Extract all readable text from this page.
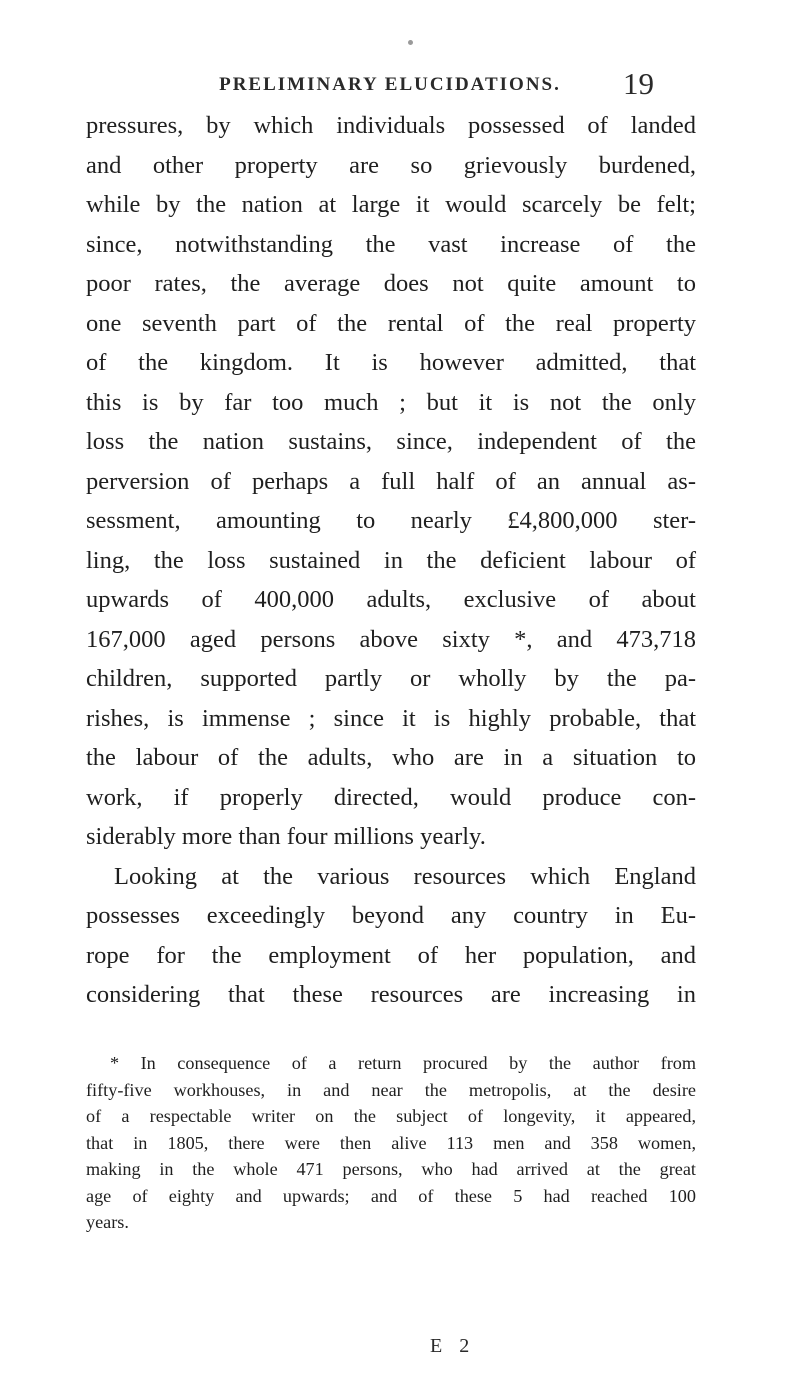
PRELIMINARY ELUCIDATIONS.	19
pressures, by which individuals possessed of landed
and other property are so grievously burdened,
while by the nation at large it would scarcely be felt;
since, notwithstanding the vast increase of the
poor rates, the average does not quite amount to
one seventh part of the rental of the real property
of the kingdom. It is however admitted, that
this is by far too much ; but it is not the only
loss the nation sustains, since, independent of the
perversion of perhaps a full half of an annual as-
sessment, amounting to nearly £4,800,000 ster-
ling, the loss sustained in the deficient labour of
upwards of 400,000 adults, exclusive of about
167,000 aged persons above sixty *, and 473,718
children, supported partly or wholly by the pa-
rishes, is immense ; since it is highly probable, that
the labour of the adults, who are in a situation to
work, if properly directed, would produce con-
siderably more than four millions yearly.
Looking at the various resources which England
possesses exceedingly beyond any country in Eu-
rope for the employment of her population, and
considering that these resources are increasing in
* In consequence of a return procured by the author from
fifty-five workhouses, in and near the metropolis, at the desire
of a respectable writer on the subject of longevity, it appeared,
that in 1805, there were then alive 113 men and 358 women,
making in the whole 471 persons, who had arrived at the great
age of eighty and upwards; and of these 5 had reached 100
years.
E 2
